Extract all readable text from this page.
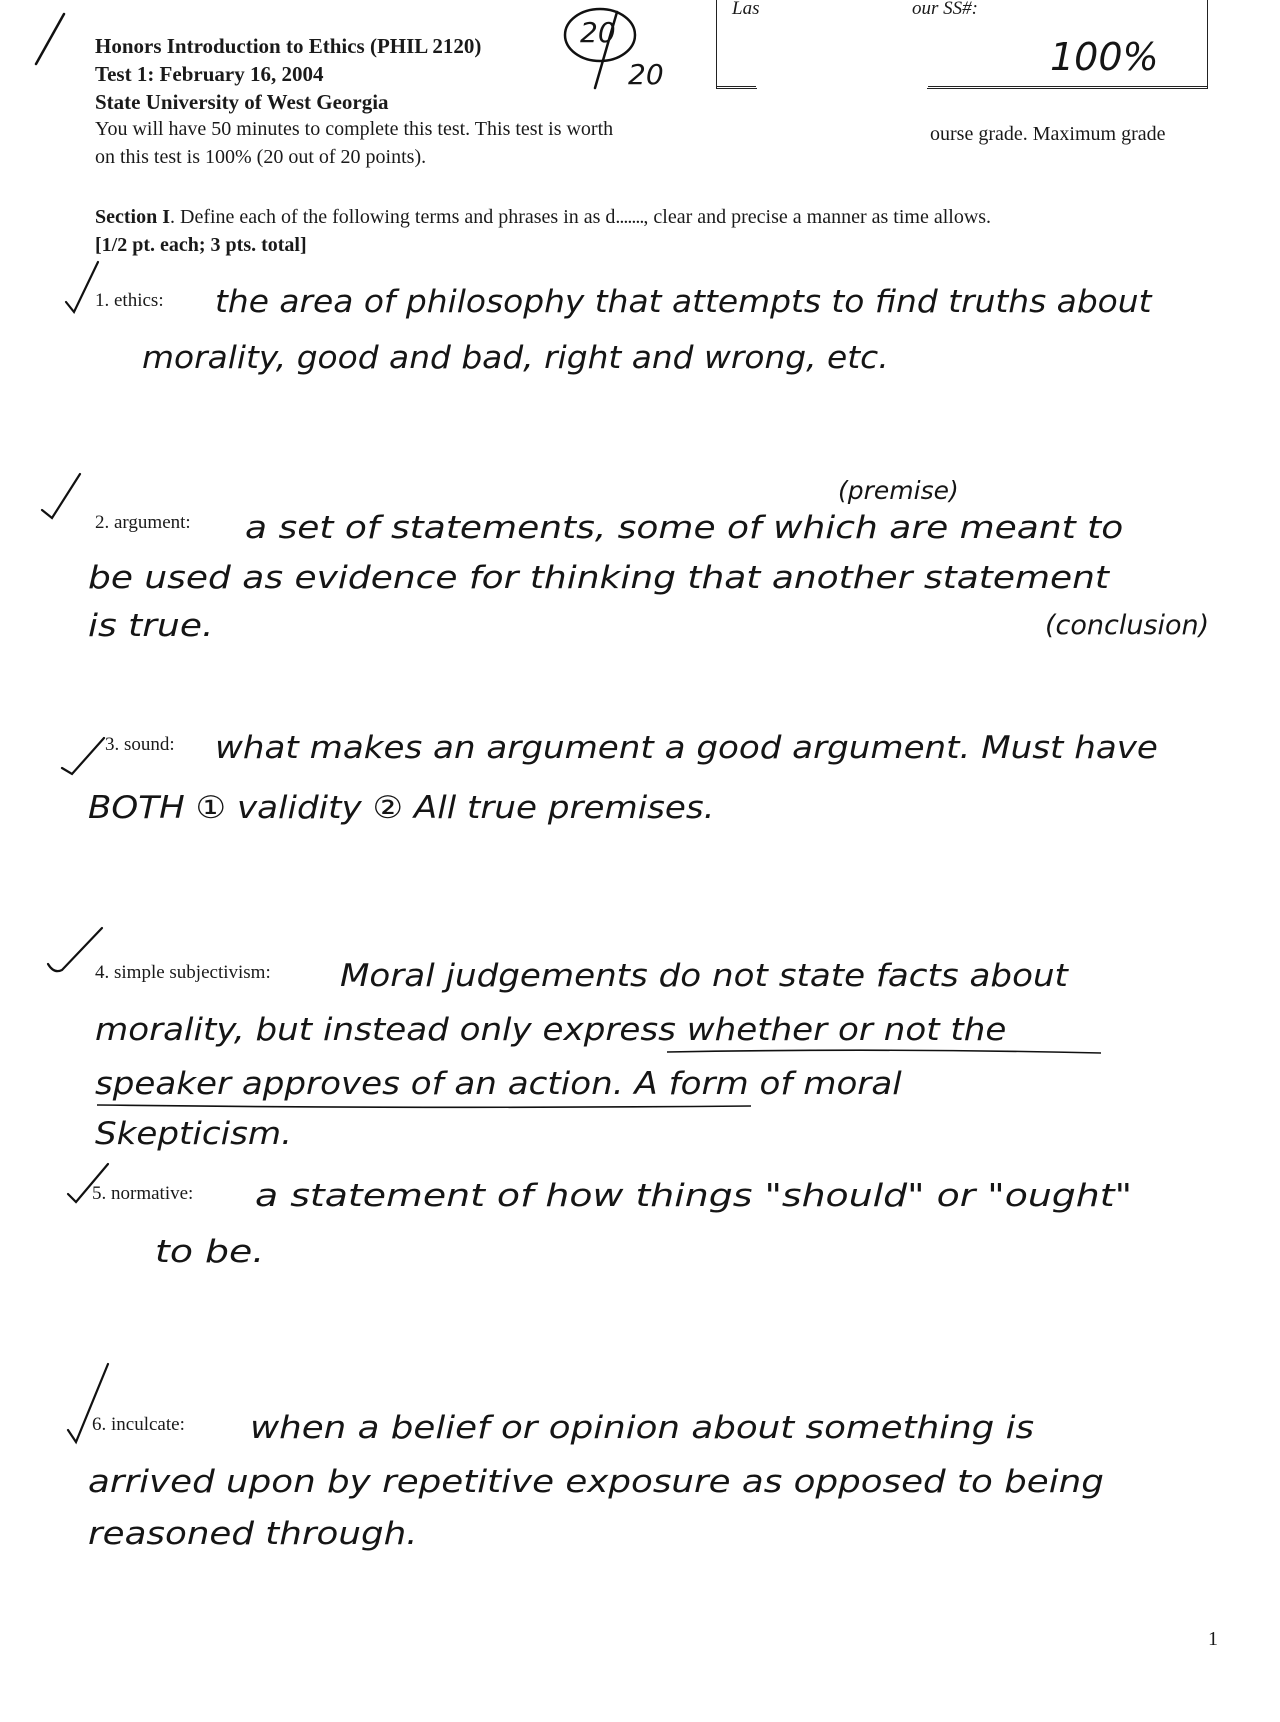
Honors Introduction to Ethics (PHIL 2120)
Test 1: February 16, 2004
State University of West Georgia
You will have 50 minutes to complete this test. This test is worth	ourse grade. Maximum grade
on this test is 100% (20 out of 20 points).
20
20
Las	our SS#:
100%
Section I. Define each of the following terms and phrases in as d......., clear and precise a manner as time allows.
[1/2 pt. each; 3 pts. total]
1. ethics: the area of philosophy that attempts to find truths about
morality, good and bad, right and wrong, etc.
(premise)
2. argument: a set of statements, some of which are meant to
be used as evidence for thinking that another statement
is true.	(conclusion)
3. sound: what makes an argument a good argument. Must have
BOTH ① validity ② All true premises.
4. simple subjectivism: Moral judgements do not state facts about
morality, but instead only express whether or not the
speaker approves of an action. A form of moral
Skepticism.
5. normative: a statement of how things "should" or "ought"
to be.
6. inculcate: when a belief or opinion about something is
arrived upon by repetitive exposure as opposed to being
reasoned through.
1
